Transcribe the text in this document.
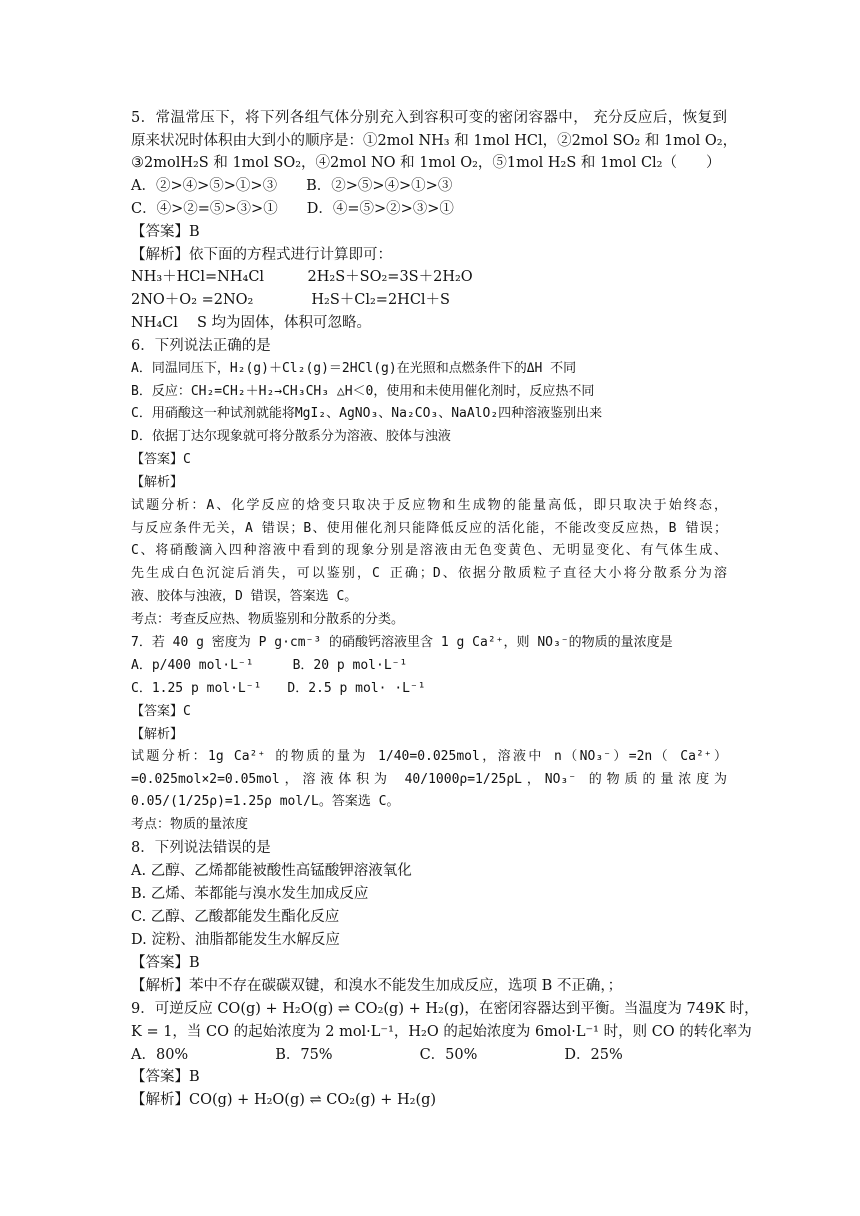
5．常温常压下，将下列各组气体分别充入到容积可变的密闭容器中， 充分反应后，恢复到
原来状况时体积由大到小的顺序是：①2mol NH₃ 和 1mol HCl，②2mol SO₂ 和 1mol O₂，
③2molH₂S 和 1mol SO₂，④2mol NO 和 1mol O₂，⑤1mol H₂S 和 1mol Cl₂（　　）
A．②>④>⑤>①>③　　B．②>⑤>④>①>③
C．④>②=⑤>③>①　　D．④=⑤>②>③>①
【答案】B
【解析】依下面的方程式进行计算即可：
NH₃＋HCl=NH₄Cl　　　2H₂S＋SO₂=3S＋2H₂O
2NO＋O₂ =2NO₂　　　　H₂S＋Cl₂=2HCl＋S
NH₄Cl　 S 均为固体，体积可忽略。
6．下列说法正确的是
A．同温同压下，H₂(g)＋Cl₂(g)＝2HCl(g)在光照和点燃条件下的ΔH 不同
B．反应：CH₂=CH₂＋H₂→CH₃CH₃ △H＜0，使用和未使用催化剂时，反应热不同
C．用硝酸这一种试剂就能将MgI₂、AgNO₃、Na₂CO₃、NaAlO₂四种溶液鉴别出来
D．依据丁达尔现象就可将分散系分为溶液、胶体与浊液
【答案】C
【解析】
试题分析：A、化学反应的焓变只取决于反应物和生成物的能量高低，即只取决于始终态，
与反应条件无关，A 错误；B、使用催化剂只能降低反应的活化能，不能改变反应热，B 错误；
C、将硝酸滴入四种溶液中看到的现象分别是溶液由无色变黄色、无明显变化、有气体生成、
先生成白色沉淀后消失，可以鉴别，C 正确；D、依据分散质粒子直径大小将分散系分为溶
液、胶体与浊液，D 错误，答案选 C。
考点：考查反应热、物质鉴别和分散系的分类。
7．若 40 g 密度为 P g·cm⁻³ 的硝酸钙溶液里含 1 g Ca²⁺，则 NO₃⁻的物质的量浓度是
A．p/400 mol·L⁻¹　　　B．20 p mol·L⁻¹
C．1.25 p mol·L⁻¹　　D．2.5 p mol· ·L⁻¹
【答案】C
【解析】
试题分析：1g Ca²⁺ 的物质的量为 1/40=0.025mol，溶液中 n（NO₃⁻）=2n（ Ca²⁺）
=0.025mol×2=0.05mol，溶液体积为 40/1000ρ=1/25ρL，NO₃⁻ 的物质的量浓度为
0.05/(1/25ρ)=1.25ρ mol/L。答案选 C。
考点：物质的量浓度
8．下列说法错误的是
A. 乙醇、乙烯都能被酸性高锰酸钾溶液氧化
B. 乙烯、苯都能与溴水发生加成反应
C. 乙醇、乙酸都能发生酯化反应
D. 淀粉、油脂都能发生水解反应
【答案】B
【解析】苯中不存在碳碳双键，和溴水不能发生加成反应，选项 B 不正确，；
9．可逆反应 CO(g) + H₂O(g) ⇌ CO₂(g) + H₂(g)，在密闭容器达到平衡。当温度为 749K 时，
K = 1，当 CO 的起始浓度为 2 mol·L⁻¹，H₂O 的起始浓度为 6mol·L⁻¹ 时，则 CO 的转化率为
A．80%　　　　　　B．75%　　　　　　C．50%　　　　　　D．25%
【答案】B
【解析】CO(g) + H₂O(g) ⇌ CO₂(g) + H₂(g)
